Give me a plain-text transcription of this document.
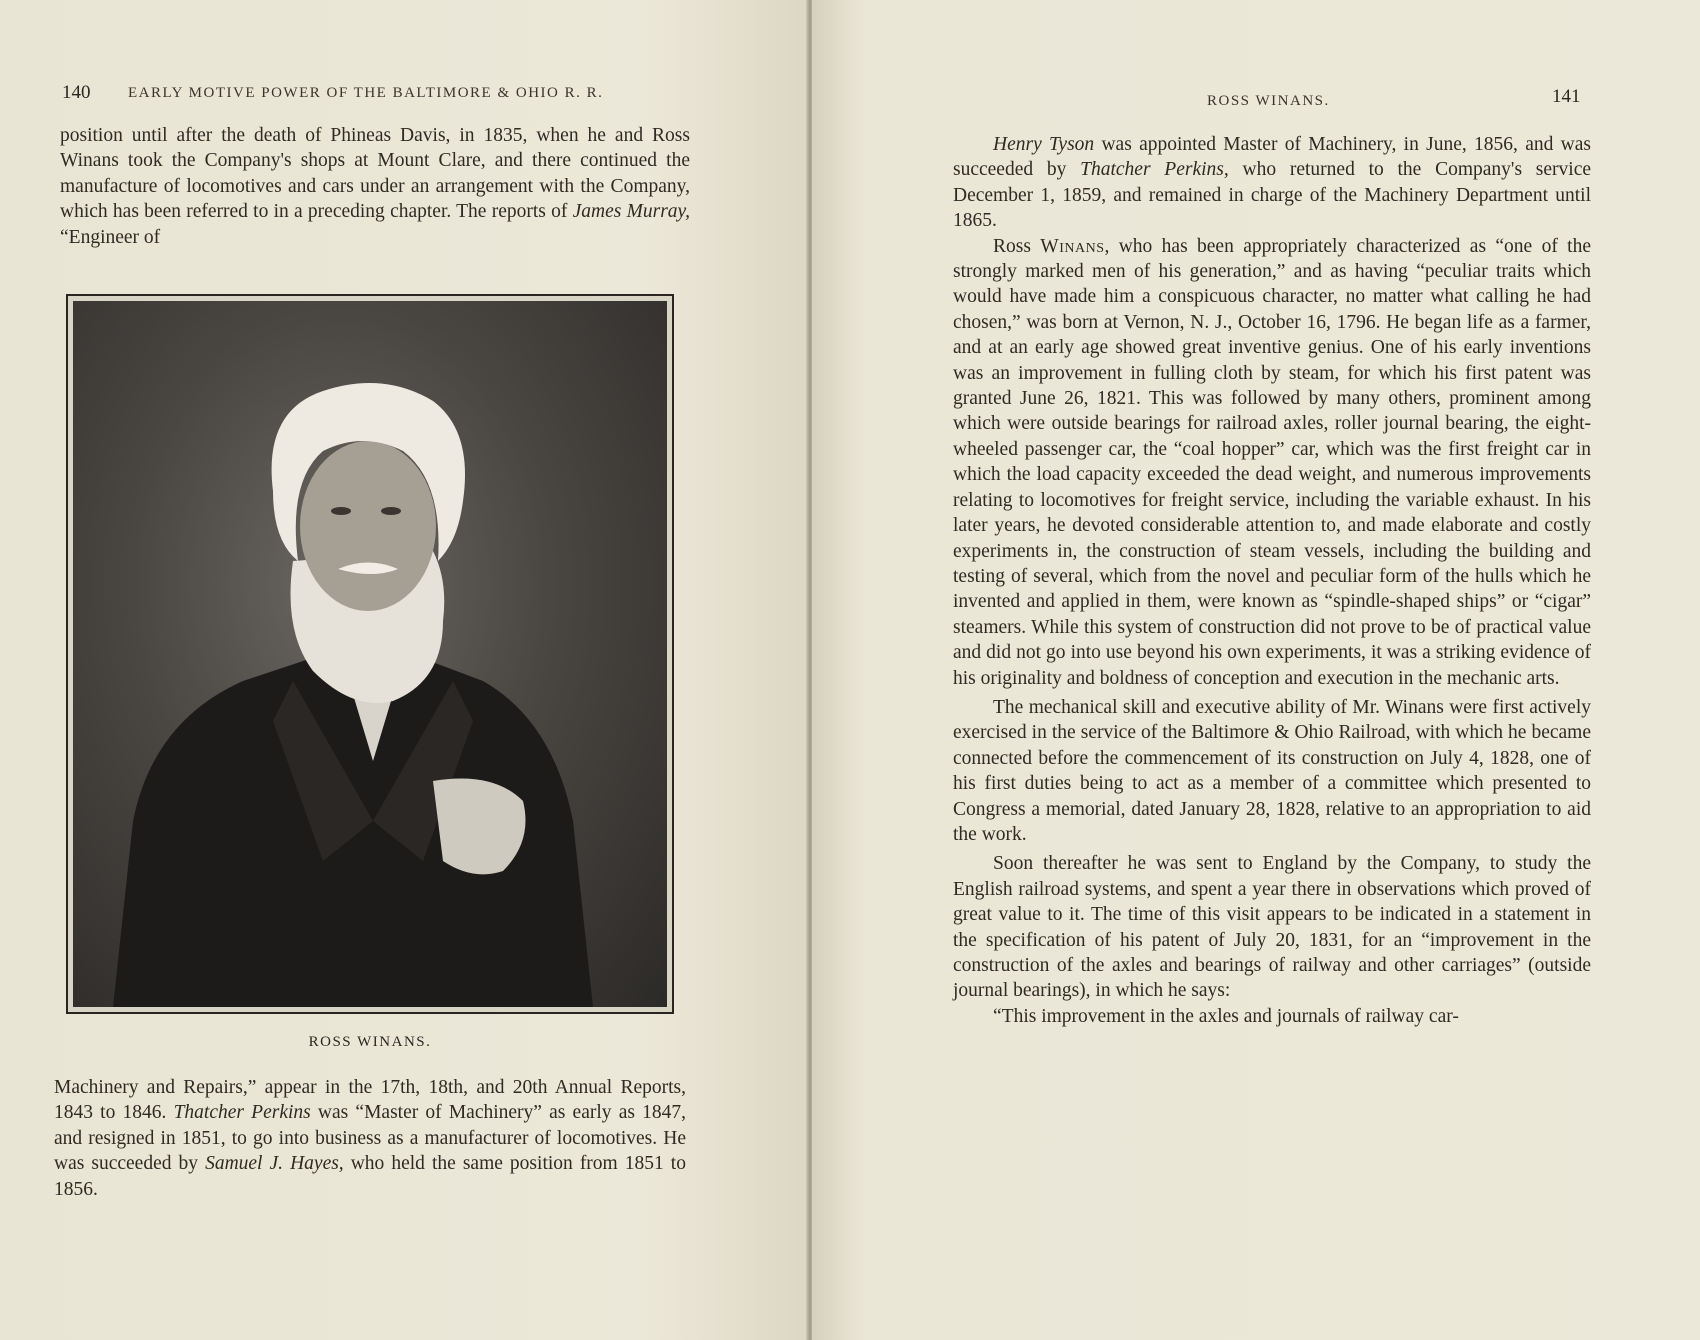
140	EARLY MOTIVE POWER OF THE BALTIMORE & OHIO R. R.

position until after the death of Phineas Davis, in 1835, when he and Ross Winans took the Company's shops at Mount Clare, and there continued the manufacture of locomotives and cars under an arrangement with the Company, which has been referred to in a preceding chapter. The reports of James Murray, “Engineer of

ROSS WINANS.

Machinery and Repairs,” appear in the 17th, 18th, and 20th Annual Reports, 1843 to 1846. Thatcher Perkins was “Master of Machinery” as early as 1847, and resigned in 1851, to go into business as a manufacturer of locomotives. He was succeeded by Samuel J. Hayes, who held the same position from 1851 to 1856.

ROSS WINANS.	141

Henry Tyson was appointed Master of Machinery, in June, 1856, and was succeeded by Thatcher Perkins, who returned to the Company's service December 1, 1859, and remained in charge of the Machinery Department until 1865.

Ross Winans, who has been appropriately characterized as “one of the strongly marked men of his generation,” and as having “peculiar traits which would have made him a conspicuous character, no matter what calling he had chosen,” was born at Vernon, N. J., October 16, 1796. He began life as a farmer, and at an early age showed great inventive genius. One of his early inventions was an improvement in fulling cloth by steam, for which his first patent was granted June 26, 1821. This was followed by many others, prominent among which were outside bearings for railroad axles, roller journal bearing, the eight-wheeled passenger car, the “coal hopper” car, which was the first freight car in which the load capacity exceeded the dead weight, and numerous improvements relating to locomotives for freight service, including the variable exhaust. In his later years, he devoted considerable attention to, and made elaborate and costly experiments in, the construction of steam vessels, including the building and testing of several, which from the novel and peculiar form of the hulls which he invented and applied in them, were known as “spindle-shaped ships” or “cigar” steamers. While this system of construction did not prove to be of practical value and did not go into use beyond his own experiments, it was a striking evidence of his originality and boldness of conception and execution in the mechanic arts.

The mechanical skill and executive ability of Mr. Winans were first actively exercised in the service of the Baltimore & Ohio Railroad, with which he became connected before the commencement of its construction on July 4, 1828, one of his first duties being to act as a member of a committee which presented to Congress a memorial, dated January 28, 1828, relative to an appropriation to aid the work.

Soon thereafter he was sent to England by the Company, to study the English railroad systems, and spent a year there in observations which proved of great value to it. The time of this visit appears to be indicated in a statement in the specification of his patent of July 20, 1831, for an “improvement in the construction of the axles and bearings of railway and other carriages” (outside journal bearings), in which he says:

“This improvement in the axles and journals of railway car-
